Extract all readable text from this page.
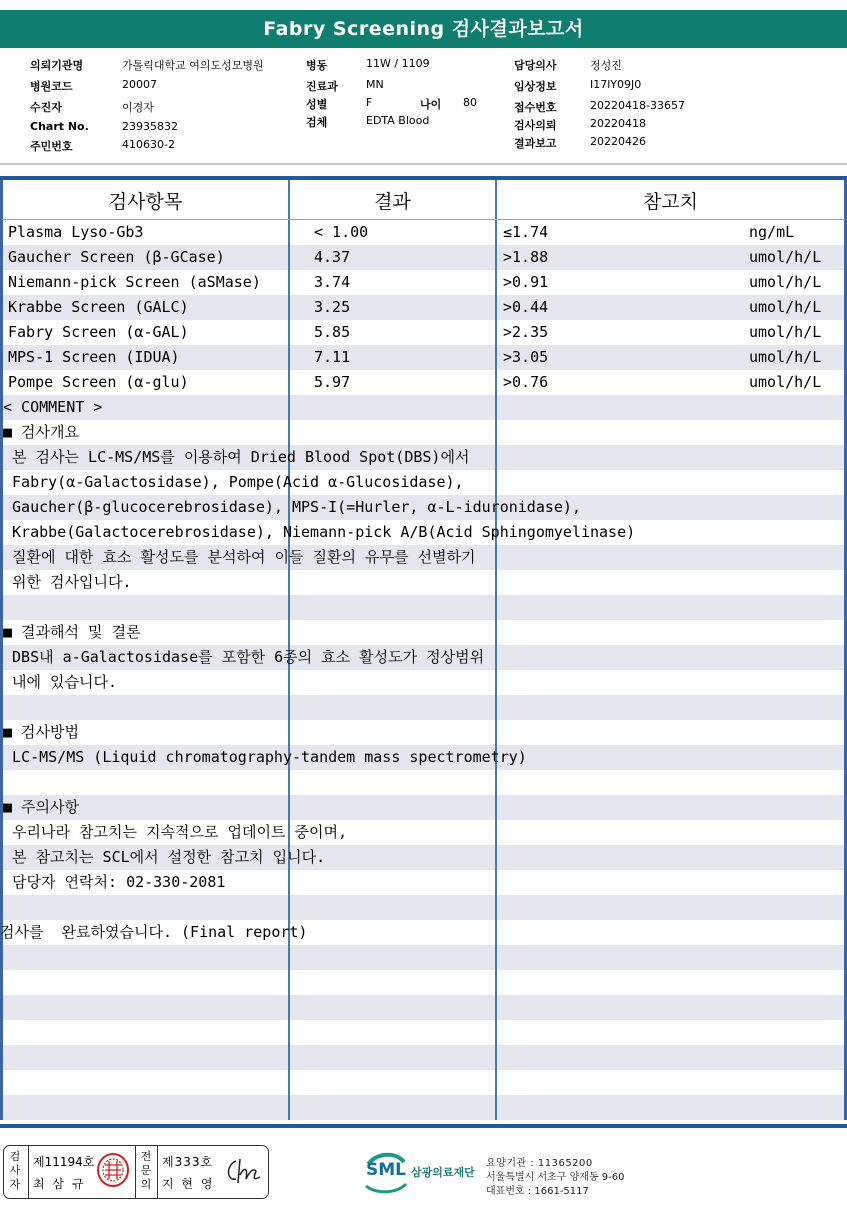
Fabry Screening 검사결과보고서
의뢰기관명	가톨릭대학교 여의도성모병원
병원코드	20007
수진자	이경자
Chart No.	23935832
주민번호	410630-2
병동	11W / 1109
진료과	MN
성별	F
검체	EDTA Blood
담당의사	정성진
임상정보	I17lY09J0
접수번호	20220418-33657
검사의뢰	20220418
결과보고	20220426
나이 80
검사항목	결과	참고치
Plasma Lyso-Gb3	< 1.00	≤1.74	ng/mL
Gaucher Screen (β-GCase)	4.37	>1.88	umol/h/L
Niemann-pick Screen (aSMase)	3.74	>0.91	umol/h/L
Krabbe Screen (GALC)	3.25	>0.44	umol/h/L
Fabry Screen (α-GAL)	5.85	>2.35	umol/h/L
MPS-1 Screen (IDUA)	7.11	>3.05	umol/h/L
Pompe Screen (α-glu)	5.97	>0.76	umol/h/L
< COMMENT >
■ 검사개요
본 검사는 LC-MS/MS를 이용하여 Dried Blood Spot(DBS)에서
Fabry(α-Galactosidase), Pompe(Acid α-Glucosidase),
Gaucher(β-glucocerebrosidase), MPS-I(=Hurler, α-L-iduronidase),
Krabbe(Galactocerebrosidase), Niemann-pick A/B(Acid Sphingomyelinase)
질환에 대한 효소 활성도를 분석하여 이들 질환의 유무를 선별하기
위한 검사입니다.
■ 결과해석 및 결론
DBS내 a-Galactosidase를 포함한 6종의 효소 활성도가 정상범위
내에 있습니다.
■ 검사방법
LC-MS/MS (Liquid chromatography-tandem mass spectrometry)
■ 주의사항
우리나라 참고치는 지속적으로 업데이트 중이며,
본 참고치는 SCL에서 설정한 참고치 입니다.
담당자 연락처: 02-330-2081
검사를  완료하였습니다. (Final report)
검사자
제11194호
최 삼 규
전문의
제333호
지 현 영
SML 삼광의료재단
요양기관 : 11365200
서울특별시 서초구 양재동 9-60
대표번호 : 1661-5117
